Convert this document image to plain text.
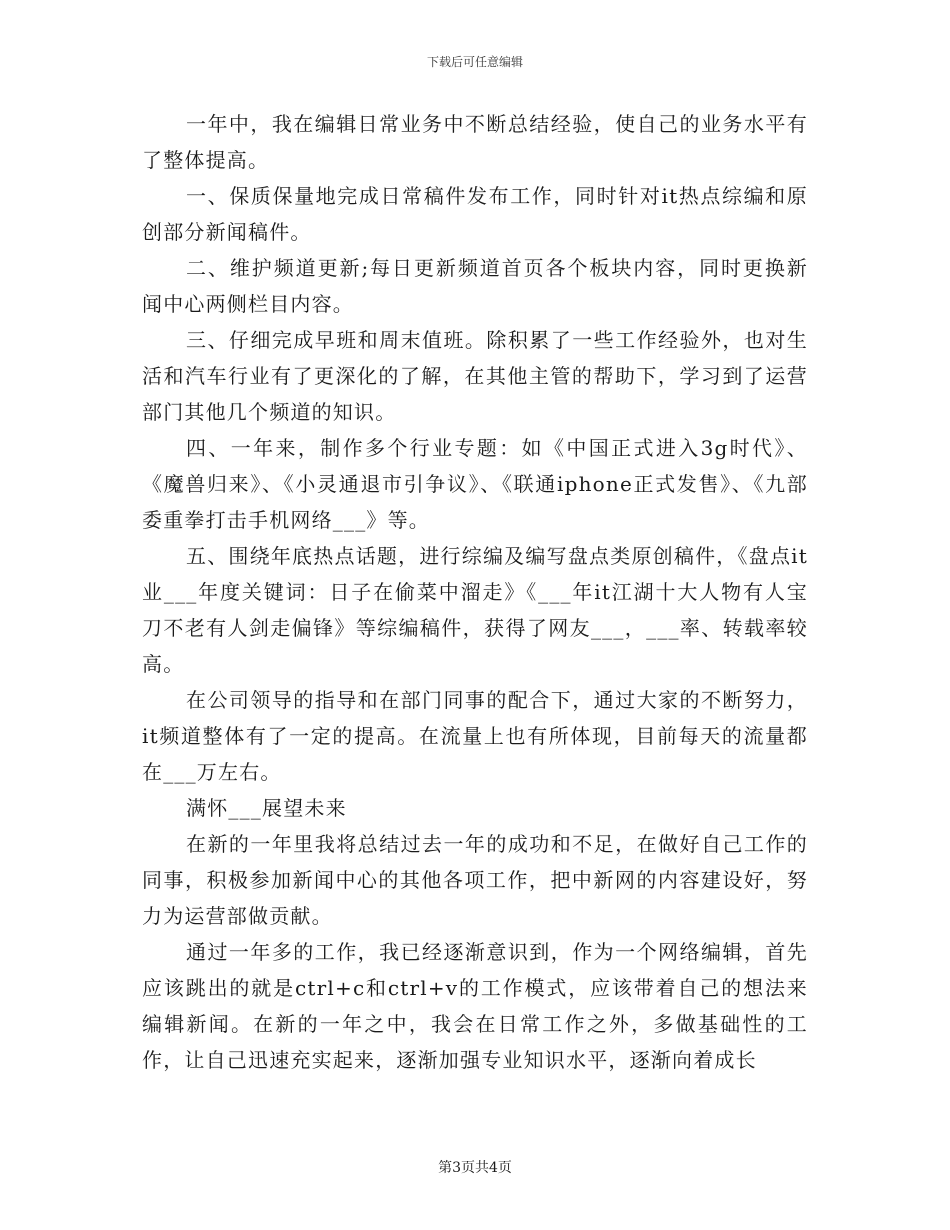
下载后可任意编辑

一年中，我在编辑日常业务中不断总结经验，使自己的业务水平有了整体提高。

一、保质保量地完成日常稿件发布工作，同时针对it热点综编和原创部分新闻稿件。

二、维护频道更新;每日更新频道首页各个板块内容，同时更换新闻中心两侧栏目内容。

三、仔细完成早班和周末值班。除积累了一些工作经验外，也对生活和汽车行业有了更深化的了解，在其他主管的帮助下，学习到了运营部门其他几个频道的知识。

四、一年来，制作多个行业专题：如《中国正式进入3g时代》、《魔兽归来》、《小灵通退市引争议》、《联通iphone正式发售》、《九部委重拳打击手机网络___》等。

五、围绕年底热点话题，进行综编及编写盘点类原创稿件，《盘点it业___年度关键词：日子在偷菜中溜走》《___年it江湖十大人物有人宝刀不老有人剑走偏锋》等综编稿件，获得了网友___，___率、转载率较高。

在公司领导的指导和在部门同事的配合下，通过大家的不断努力，it频道整体有了一定的提高。在流量上也有所体现，目前每天的流量都在___万左右。

满怀___展望未来

在新的一年里我将总结过去一年的成功和不足，在做好自己工作的同事，积极参加新闻中心的其他各项工作，把中新网的内容建设好，努力为运营部做贡献。

通过一年多的工作，我已经逐渐意识到，作为一个网络编辑，首先应该跳出的就是ctrl+c和ctrl+v的工作模式，应该带着自己的想法来编辑新闻。在新的一年之中，我会在日常工作之外，多做基础性的工作，让自己迅速充实起来，逐渐加强专业知识水平，逐渐向着成长

第3页共4页
